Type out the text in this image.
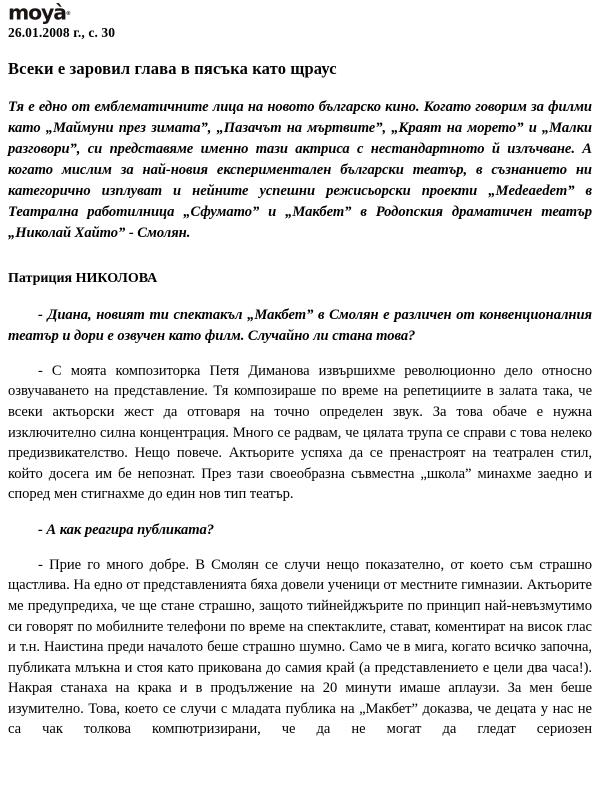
moyà®
26.01.2008 г., с. 30
Всеки е заровил глава в пясъка като щраус

Тя е едно от емблематичните лица на новото българско кино. Когато говорим за филми като „Маймуни през зимата”, „Пазачът на мъртвите”, „Краят на морето” и „Малки разговори”, си представяме именно тази актриса с нестандартното й излъчване. А когато мислим за най-новия експериментален български театър, в съзнанието ни категорично изплуват и нейните успешни режисьорски проекти „Medeaedem” в Театрална работилница „Сфумато” и „Макбет” в Родопския драматичен театър „Николай Хайто” - Смолян.

Патриция НИКОЛОВА

- Диана, новият ти спектакъл „Макбет” в Смолян е различен от конвенционалния театър и дори е озвучен като филм. Случайно ли стана това?

- С моята композиторка Петя Диманова извършихме революционно дело относно озвучаването на представление. Тя композираше по време на репетициите в залата така, че всеки актьорски жест да отговаря на точно определен звук. За това обаче е нужна изключително силна концентрация. Много се радвам, че цялата трупа се справи с това нелеко предизвикателство. Нещо повече. Актьорите успяха да се пренастроят на театрален стил, който досега им бе непознат. През тази своеобразна съвместна „школа” минахме заедно и според мен стигнахме до един нов тип театър.

- А как реагира публиката?

- Прие го много добре. В Смолян се случи нещо показателно, от което съм страшно щастлива. На едно от представленията бяха довели ученици от местните гимназии. Актьорите ме предупредиха, че ще стане страшно, защото тийнейджърите по принцип най-невъзмутимо си говорят по мобилните телефони по време на спектаклите, стават, коментират на висок глас и т.н. Наистина преди началото беше страшно шумно. Само че в мига, когато всичко започна, публиката млъкна и стоя като прикована до самия край (а представлението е цели два часа!). Накрая станаха на крака и в продължение на 20 минути имаше аплаузи. За мен беше изумително. Това, което се случи с младата публика на „Макбет” доказва, че децата у нас не са чак толкова компютризирани, че да не могат да гледат сериозен
